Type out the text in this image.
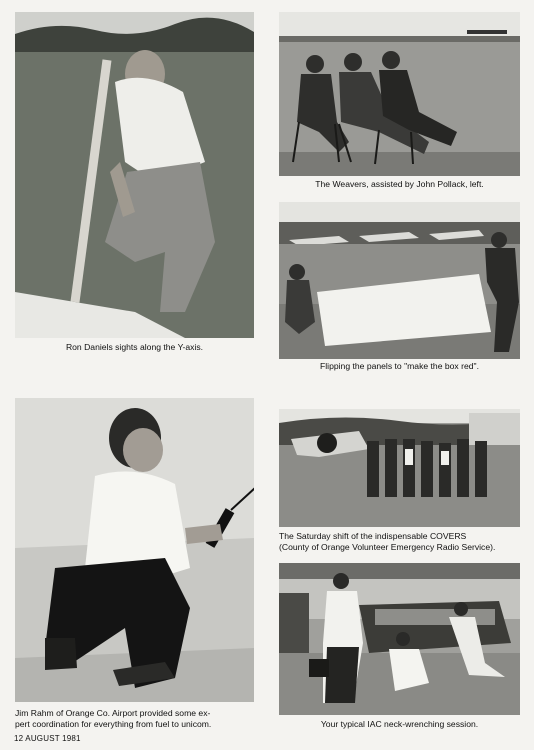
Ron Daniels sights along the Y-axis.
The Weavers, assisted by John Pollack, left.
Flipping the panels to "make the box red".
Jim Rahm of Orange Co. Airport provided some ex-
pert coordination for everything from fuel to unicom.
The Saturday shift of the indispensable COVERS
(County of Orange Volunteer Emergency Radio Service).
Your typical IAC neck-wrenching session.
12 AUGUST 1981
